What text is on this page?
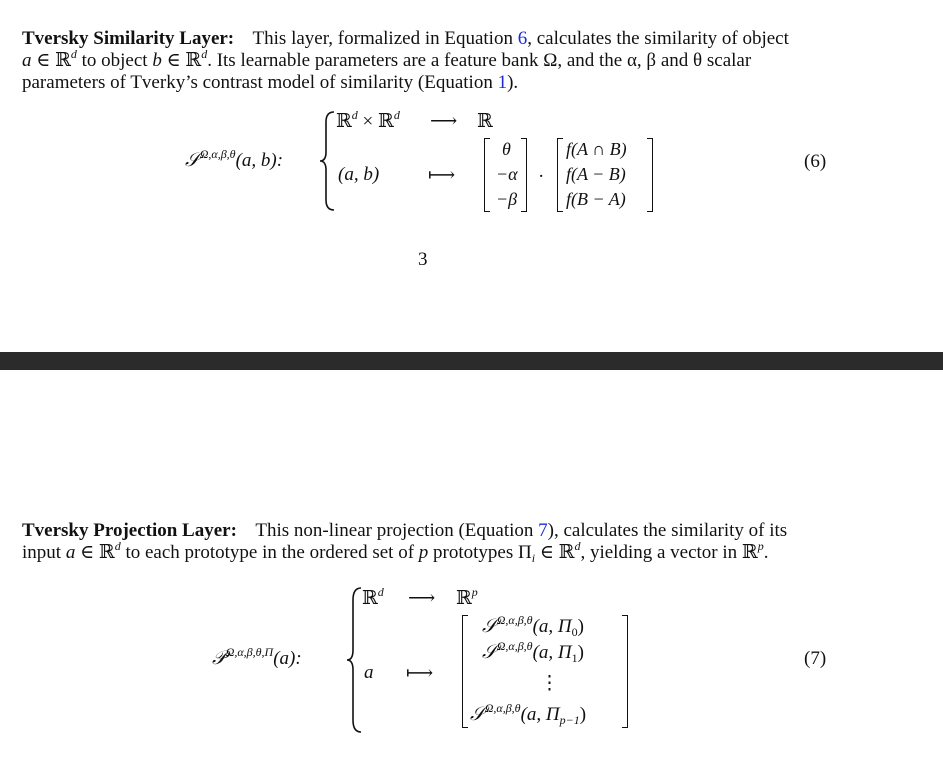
Tversky Similarity Layer: This layer, formalized in Equation 6, calculates the similarity of object
a ∈ ℝ$^d$ to object b ∈ ℝ$^d$. Its learnable parameters are a feature bank Ω, and the α, β and θ scalar
parameters of Tverky’s contrast model of similarity (Equation 1).
𝒮$^{\Omega,\alpha,\beta,\theta}$(a, b):
ℝ$^d$ × ℝ$^d$ ⟶ ℝ
(a, b)	⟼
θ
−α
−β
·
f(A ∩ B)
f(A − B)
f(B − A)
(6)
3
Tversky Projection Layer: This non-linear projection (Equation 7), calculates the similarity of its
input a ∈ ℝ$^d$ to each prototype in the ordered set of p prototypes $\Pi_i$ ∈ ℝ$^d$, yielding a vector in ℝ$^p$.
𝒫$^{\Omega,\alpha,\beta,\theta,\Pi}$(a):
ℝ$^d$ ⟶ ℝ$^p$
a ⟼
𝒮$^{\Omega,\alpha,\beta,\theta}$(a, $\Pi_0$)
𝒮$^{\Omega,\alpha,\beta,\theta}$(a, $\Pi_1$)
⋮
𝒮$^{\Omega,\alpha,\beta,\theta}$(a, $\Pi_{p-1}$)
(7)
